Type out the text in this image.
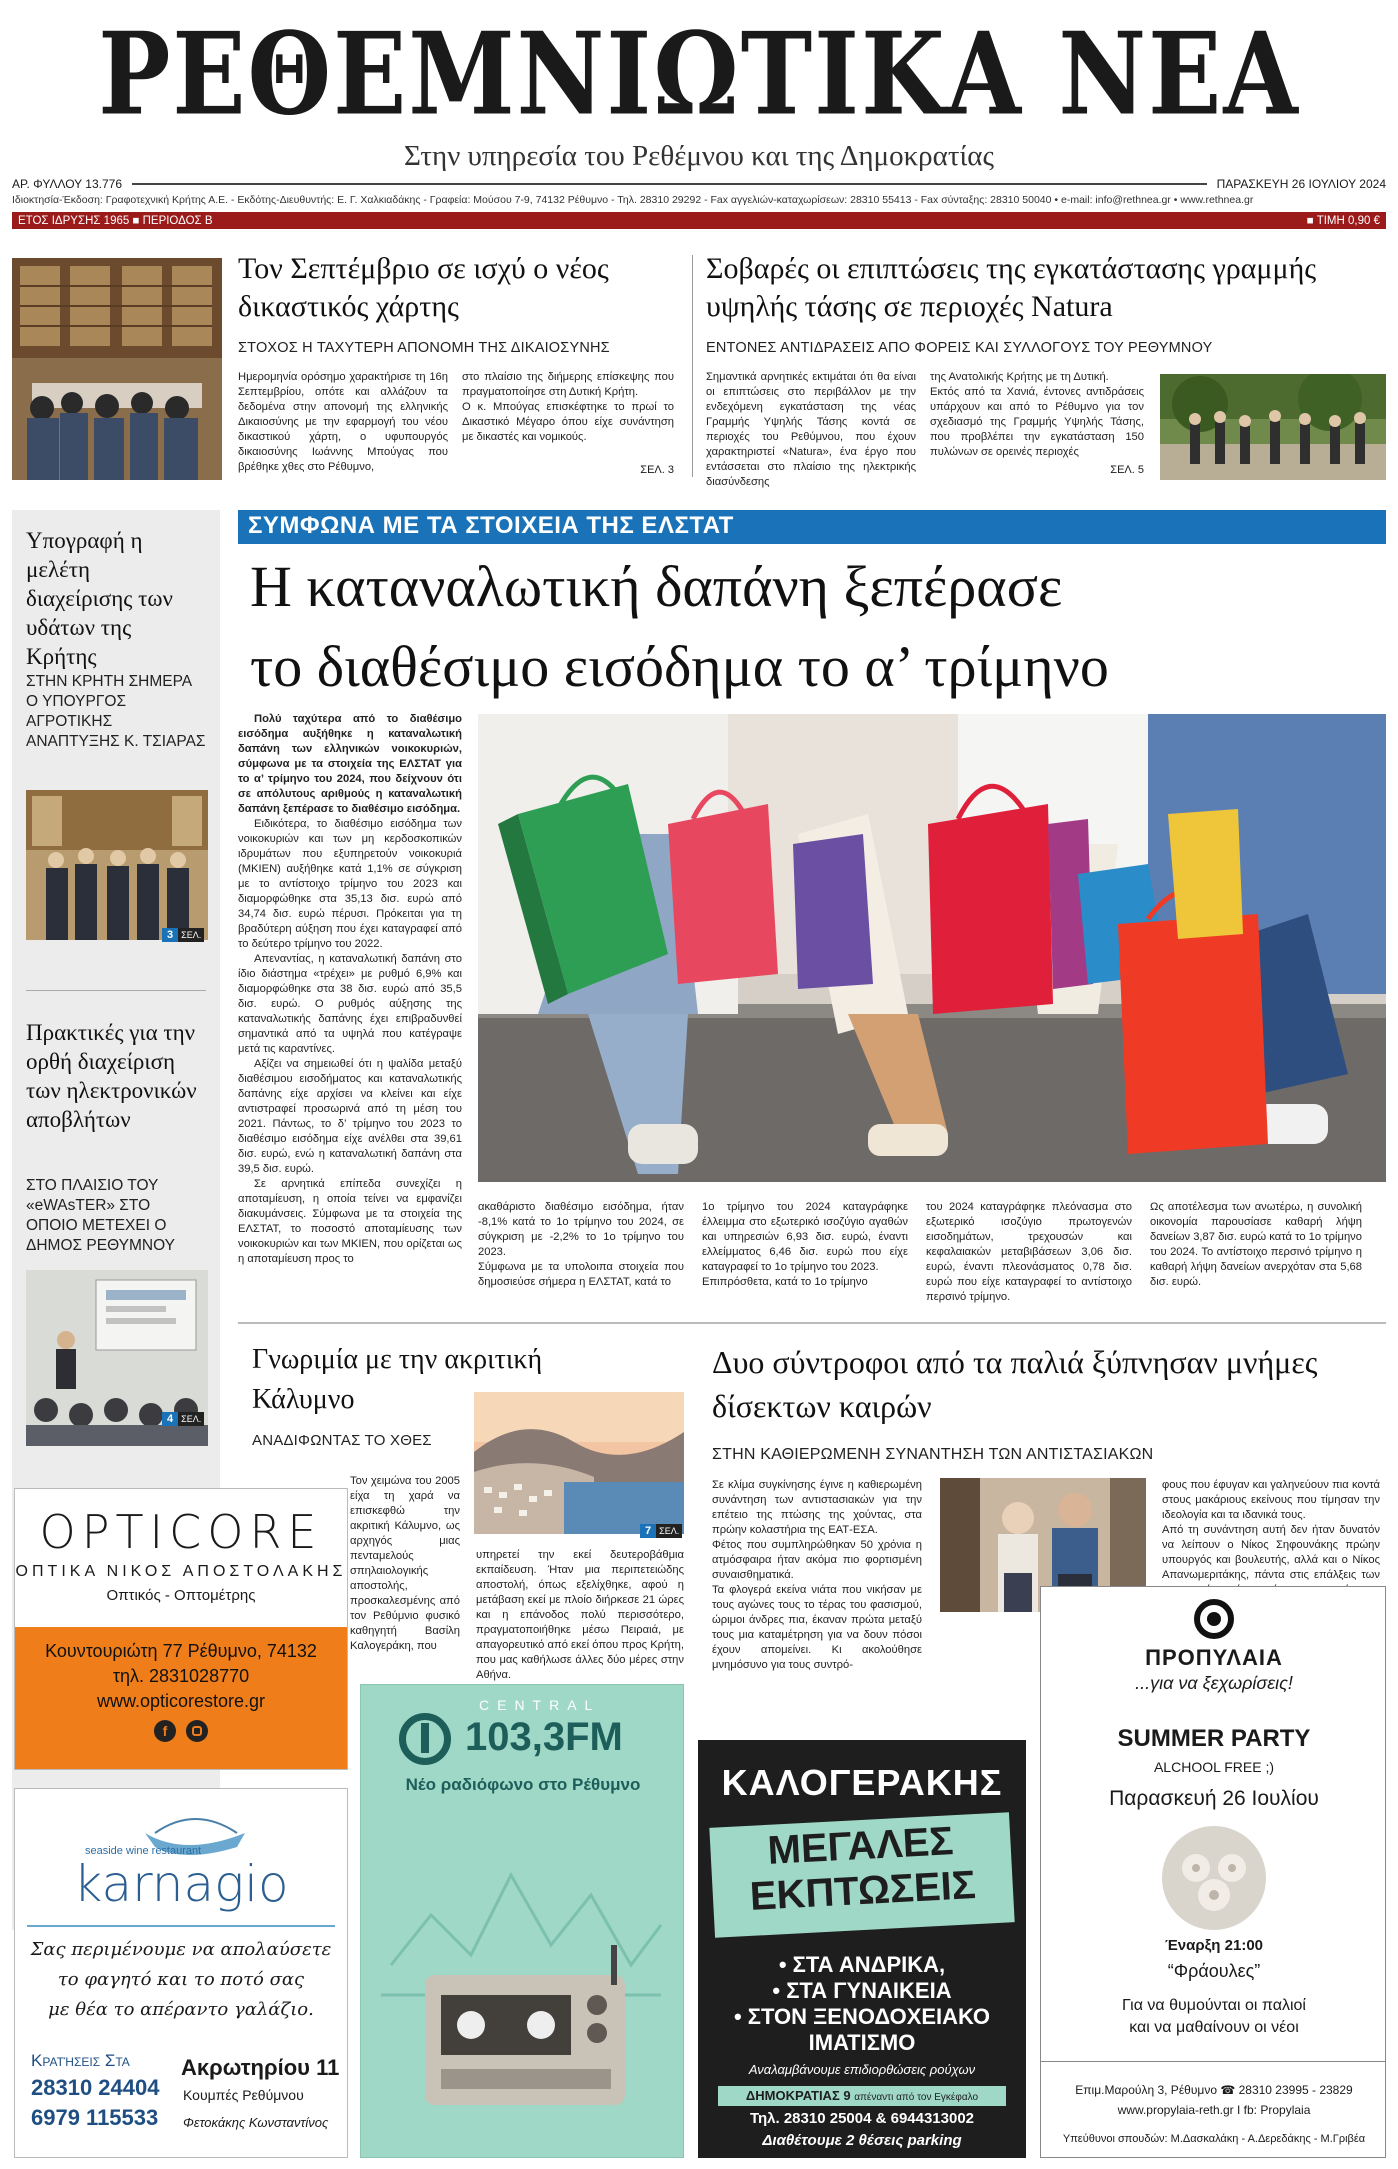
ΡΕΘΕΜΝΙΩΤΙΚΑ ΝΕΑ
Στην υπηρεσία του Ρεθέμνου και της Δημοκρατίας
ΑΡ. ΦΥΛΛΟΥ 13.776	ΠΑΡΑΣΚΕΥΗ 26 ΙΟΥΛΙΟΥ 2024
Ιδιοκτησία-Έκδοση: Γραφοτεχνική Κρήτης Α.Ε. - Εκδότης-Διευθυντής: Ε. Γ. Χαλκιαδάκης - Γραφεία: Μούσου 7-9, 74132 Ρέθυμνο - Τηλ. 28310 29292 - Fax αγγελιών-καταχωρίσεων: 28310 55413 - Fax σύνταξης: 28310 50040 • e-mail: info@rethnea.gr • www.rethnea.gr
ΕΤΟΣ ΙΔΡΥΣΗΣ 1965 ■ ΠΕΡΙΟΔΟΣ Β	■ ΤΙΜΗ 0,90 €
Τον Σεπτέμβριο σε ισχύ ο νέος δικαστικός χάρτης
ΣΤΟΧΟΣ Η ΤΑΧΥΤΕΡΗ ΑΠΟΝΟΜΗ ΤΗΣ ΔΙΚΑΙΟΣΥΝΗΣ
Ημερομηνία ορόσημο χαρακτήρισε τη 16η Σεπτεμβρίου, οπότε και αλλάζουν τα δεδομένα στην απονομή της ελληνικής Δικαιοσύνης με την εφαρμογή του νέου δικαστικού χάρτη, ο υφυπουργός δικαιοσύνης Ιωάννης Μπούγας που βρέθηκε χθες στο Ρέθυμνο,
στο πλαίσιο της διήμερης επίσκεψης που πραγματοποίησε στη Δυτική Κρήτη.
Ο κ. Μπούγας επισκέφτηκε το πρωί το Δικαστικό Μέγαρο όπου είχε συνάντηση με δικαστές και νομικούς.
ΣΕΛ. 3
Σοβαρές οι επιπτώσεις της εγκατάστασης γραμμής υψηλής τάσης σε περιοχές Natura
ΕΝΤΟΝΕΣ ΑΝΤΙΔΡΑΣΕΙΣ ΑΠΟ ΦΟΡΕΙΣ ΚΑΙ ΣΥΛΛΟΓΟΥΣ ΤΟΥ ΡΕΘΥΜΝΟΥ
Σημαντικά αρνητικές εκτιμάται ότι θα είναι οι επιπτώσεις στο περιβάλλον με την ενδεχόμενη εγκατάσταση της νέας Γραμμής Υψηλής Τάσης κοντά σε περιοχές του Ρεθύμνου, που έχουν χαρακτηριστεί «Natura», ένα έργο που εντάσσεται στο πλαίσιο της ηλεκτρικής διασύνδεσης
της Ανατολικής Κρήτης με τη Δυτική.
Εκτός από τα Χανιά, έντονες αντιδράσεις υπάρχουν και από το Ρέθυμνο για τον σχεδιασμό της Γραμμής Υψηλής Τάσης, που προβλέπει την εγκατάσταση 150 πυλώνων σε ορεινές περιοχές
ΣΕΛ. 5
Υπογραφή η μελέτη διαχείρισης των υδάτων της Κρήτης
ΣΤΗΝ ΚΡΗΤΗ ΣΗΜΕΡΑ Ο ΥΠΟΥΡΓΟΣ ΑΓΡΟΤΙΚΗΣ ΑΝΑΠΤΥΞΗΣ Κ. ΤΣΙΑΡΑΣ
3 ΣΕΛ.
Πρακτικές για την ορθή διαχείριση των ηλεκτρονικών αποβλήτων
ΣΤΟ ΠΛΑΙΣΙΟ ΤΟΥ «eWAsTER» ΣΤΟ ΟΠΟΙΟ ΜΕΤΕΧΕΙ Ο ΔΗΜΟΣ ΡΕΘΥΜΝΟΥ
4 ΣΕΛ.
ΣΥΜΦΩΝΑ ΜΕ ΤΑ ΣΤΟΙΧΕΙΑ ΤΗΣ ΕΛΣΤΑΤ
Η καταναλωτική δαπάνη ξεπέρασε
το διαθέσιμο εισόδημα το α’ τρίμηνο

Πολύ ταχύτερα από το διαθέσιμο εισόδημα αυξήθηκε η καταναλωτική δαπάνη των ελληνικών νοικοκυριών, σύμφωνα με τα στοιχεία της ΕΛΣΤΑΤ για το α’ τρίμηνο του 2024, που δείχνουν ότι σε απόλυτους αριθμούς η καταναλωτική δαπάνη ξεπέρασε το διαθέσιμο εισόδημα.

Ειδικότερα, το διαθέσιμο εισόδημα των νοικοκυριών και των μη κερδοσκοπικών ιδρυμάτων που εξυπηρετούν νοικοκυριά (ΜΚΙΕΝ) αυξήθηκε κατά 1,1% σε σύγκριση με το αντίστοιχο τρίμηνο του 2023 και διαμορφώθηκε στα 35,13 δισ. ευρώ από 34,74 δισ. ευρώ πέρυσι. Πρόκειται για τη βραδύτερη αύξηση που έχει καταγραφεί από το δεύτερο τρίμηνο του 2022.

Απεναντίας, η καταναλωτική δαπάνη στο ίδιο διάστημα «τρέχει» με ρυθμό 6,9% και διαμορφώθηκε στα 38 δισ. ευρώ από 35,5 δισ. ευρώ. Ο ρυθμός αύξησης της καταναλωτικής δαπάνης έχει επιβραδυνθεί σημαντικά από τα υψηλά που κατέγραψε μετά τις καραντίνες.

Αξίζει να σημειωθεί ότι η ψαλίδα μεταξύ διαθέσιμου εισοδήματος και καταναλωτικής δαπάνης είχε αρχίσει να κλείνει και είχε αντιστραφεί προσωρινά από τη μέση του 2021. Πάντως, το δ’ τρίμηνο του 2023 το διαθέσιμο εισόδημα είχε ανέλθει στα 39,61 δισ. ευρώ, ενώ η καταναλωτική δαπάνη στα 39,5 δισ. ευρώ.

Σε αρνητικά επίπεδα συνεχίζει η αποταμίευση, η οποία τείνει να εμφανίζει διακυμάνσεις. Σύμφωνα με τα στοιχεία της ΕΛΣΤΑΤ, το ποσοστό αποταμίευσης των νοικοκυριών και των ΜΚΙΕΝ, που ορίζεται ως η αποταμίευση προς το

ακαθάριστο διαθέσιμο εισόδημα, ήταν -8,1% κατά το 1ο τρίμηνο του 2024, σε σύγκριση με -2,2% το 1ο τρίμηνο του 2023.
Σύμφωνα με τα υπολοιπα στοιχεία που δημοσιεύσε σήμερα η ΕΛΣΤΑΤ, κατά το
1ο τρίμηνο του 2024 καταγράφηκε έλλειμμα στο εξωτερικό ισοζύγιο αγαθών και υπηρεσιών 6,93 δισ. ευρώ, έναντι ελλείμματος 6,46 δισ. ευρώ που είχε καταγραφεί το 1ο τρίμηνο του 2023.
Επιπρόσθετα, κατά το 1ο τρίμηνο
του 2024 καταγράφηκε πλεόνασμα στο εξωτερικό ισοζύγιο πρωτογενών εισοδημάτων, τρεχουσών και κεφαλαιακών μεταβιβάσεων 3,06 δισ. ευρώ, έναντι πλεονάσματος 0,78 δισ. ευρώ που είχε καταγραφεί το αντίστοιχο περσινό τρίμηνο.
Ως αποτέλεσμα των ανωτέρω, η συνολική οικονομία παρουσίασε καθαρή λήψη δανείων 3,87 δισ. ευρώ κατά το 1ο τρίμηνο του 2024. Το αντίστοιχο περσινό τρίμηνο η καθαρή λήψη δανείων ανερχόταν στα 5,68 δισ. ευρώ.
Γνωριμία με την ακριτική Κάλυμνο
7 ΣΕΛ.
ΑΝΑΔΙΦΩΝΤΑΣ ΤΟ ΧΘΕΣ
Τον χειμώνα του 2005 είχα τη χαρά να επισκεφθώ την ακριτική Κάλυμνο, ως αρχηγός μιας πενταμελούς σπηλαιολογικής αποστολής, προσκαλεσμένης από τον Ρεθύμνιο φυσικό καθηγητή Βασίλη Καλογεράκη, που
υπηρετεί την εκεί δευτεροβάθμια εκπαίδευση. Ήταν μια περιπετειώδης αποστολή, όπως εξελίχθηκε, αφού η μετάβαση εκεί με πλοίο διήρκεσε 21 ώρες και η επάνοδος πολύ περισσότερο, πραγματοποιήθηκε μέσω Πειραιά, με απαγορευτικό από εκεί όπου προς Κρήτη, που μας καθήλωσε άλλες δύο μέρες στην Αθήνα.
Δυο σύντροφοι από τα παλιά ξύπνησαν μνήμες δίσεκτων καιρών
ΣΤΗΝ ΚΑΘΙΕΡΩΜΕΝΗ ΣΥΝΑΝΤΗΣΗ ΤΩΝ ΑΝΤΙΣΤΑΣΙΑΚΩΝ
Σε κλίμα συγκίνησης έγινε η καθιερωμένη συνάντηση των αντιστασιακών για την επέτειο της πτώσης της χούντας, στα πρώην κολαστήρια της ΕΑΤ-ΕΣΑ.
Φέτος που συμπληρώθηκαν 50 χρόνια η ατμόσφαιρα ήταν ακόμα πιο φορτισμένη συναισθηματικά.
Τα φλογερά εκείνα νιάτα που νικήσαν με τους αγώνες τους το τέρας του φασισμού, ώριμοι άνδρες πια, έκαναν πρώτα μεταξύ τους μια καταμέτρηση για να δουν πόσοι έχουν απομείνει. Κι ακολούθησε μνημόσυνο για τους συντρό-
φους που έφυγαν και γαληνεύουν πια κοντά στους μακάριους εκείνους που τίμησαν την ιδεολογία και τα ιδανικά τους.
Από τη συνάντηση αυτή δεν ήταν δυνατόν να λείπουν ο Νίκος Σηφουνάκης πρώην υπουργός και βουλευτής, αλλά και ο Νίκος Απανωμεριτάκης, πάντα στις επάλξεις των
OPTICORE
ΟΠΤΙΚΑ ΝΙΚΟΣ ΑΠΟΣΤΟΛΑΚΗΣ
Οπτικός - Οπτομέτρης
Κουντουριώτη 77 Ρέθυμνο, 74132
τηλ. 2831028770
www.opticorestore.gr
f
seaside wine restaurant
karnagio
Σας περιμένουμε να απολαύσετε
το φαγητό και το ποτό σας
με θέα το απέραντο γαλάζιο.
Κρατήσεις Στα
28310 24404
6979 115533
Ακρωτηρίου 11
Κουμπές Ρεθύμνου
Φετοκάκης Κωνσταντίνος
CENTRAL
103,3FM
Νέο ραδιόφωνο στο Ρέθυμνο	ΚΑΛΟΓΕΡΑΚΗΣ
ΜΕΓΑΛΕΣ
ΕΚΠΤΩΣΕΙΣ
• ΣΤΑ ΑΝΔΡΙΚΑ,
• ΣΤΑ ΓΥΝΑΙΚΕΙΑ
• ΣΤΟΝ ΞΕΝΟΔΟΧΕΙΑΚΟ
ΙΜΑΤΙΣΜΟ
Αναλαμβάνουμε επιδιορθώσεις ρούχων
ΔΗΜΟΚΡΑΤΙΑΣ 9 απέναντι από τον Εγκέφαλο
Τηλ. 28310 25004 & 6944313002
Διαθέτουμε 2 θέσεις parking
ΠΡΟΠΥΛΑΙΑ
...για να ξεχωρίσεις!
SUMMER PARTY
ALCHOOL FREE ;)
Παρασκευή 26 Ιουλίου
Έναρξη 21:00
“Φράουλες”
Για να θυμούνται οι παλιοί
και να μαθαίνουν οι νέοι
Επιμ.Μαρούλη 3, Ρέθυμνο ☎ 28310 23995 - 23829
www.propylaia-reth.gr I fb: Propylaia
Υπεύθυνοι σπουδών: Μ.Δασκαλάκη - Α.Δερεδάκης - Μ.Γριβέα
